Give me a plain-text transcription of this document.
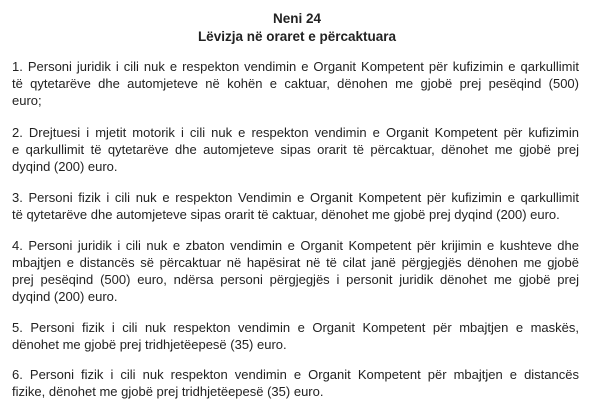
Neni 24
Lëvizja në oraret e përcaktuara
1. Personi juridik i cili nuk e respekton vendimin e Organit Kompetent për kufizimin e qarkullimit
të qytetarëve dhe automjeteve në kohën e caktuar, dënohen me gjobë prej pesëqind (500)
euro;
2. Drejtuesi i mjetit motorik i cili nuk e respekton vendimin e Organit Kompetent për kufizimin
e qarkullimit të qytetarëve dhe automjeteve sipas orarit të përcaktuar, dënohet me gjobë prej
dyqind (200) euro.
3. Personi fizik i cili nuk e respekton Vendimin e Organit Kompetent për kufizimin e qarkullimit
të qytetarëve dhe automjeteve sipas orarit të caktuar, dënohet me gjobë prej dyqind (200) euro.
4. Personi juridik i cili nuk e zbaton vendimin e Organit Kompetent për krijimin e kushteve dhe
mbajtjen e distancës së përcaktuar në hapësirat në të cilat janë përgjegjës dënohen me gjobë
prej pesëqind (500) euro, ndërsa personi përgjegjës i personit juridik dënohet me gjobë prej
dyqind (200) euro.
5. Personi fizik i cili nuk respekton vendimin e Organit Kompetent për mbajtjen e maskës,
dënohet me gjobë prej tridhjetëepesë (35) euro.
6. Personi fizik i cili nuk respekton vendimin e Organit Kompetent për mbajtjen e distancës
fizike, dënohet me gjobë prej tridhjetëepesë (35) euro.
